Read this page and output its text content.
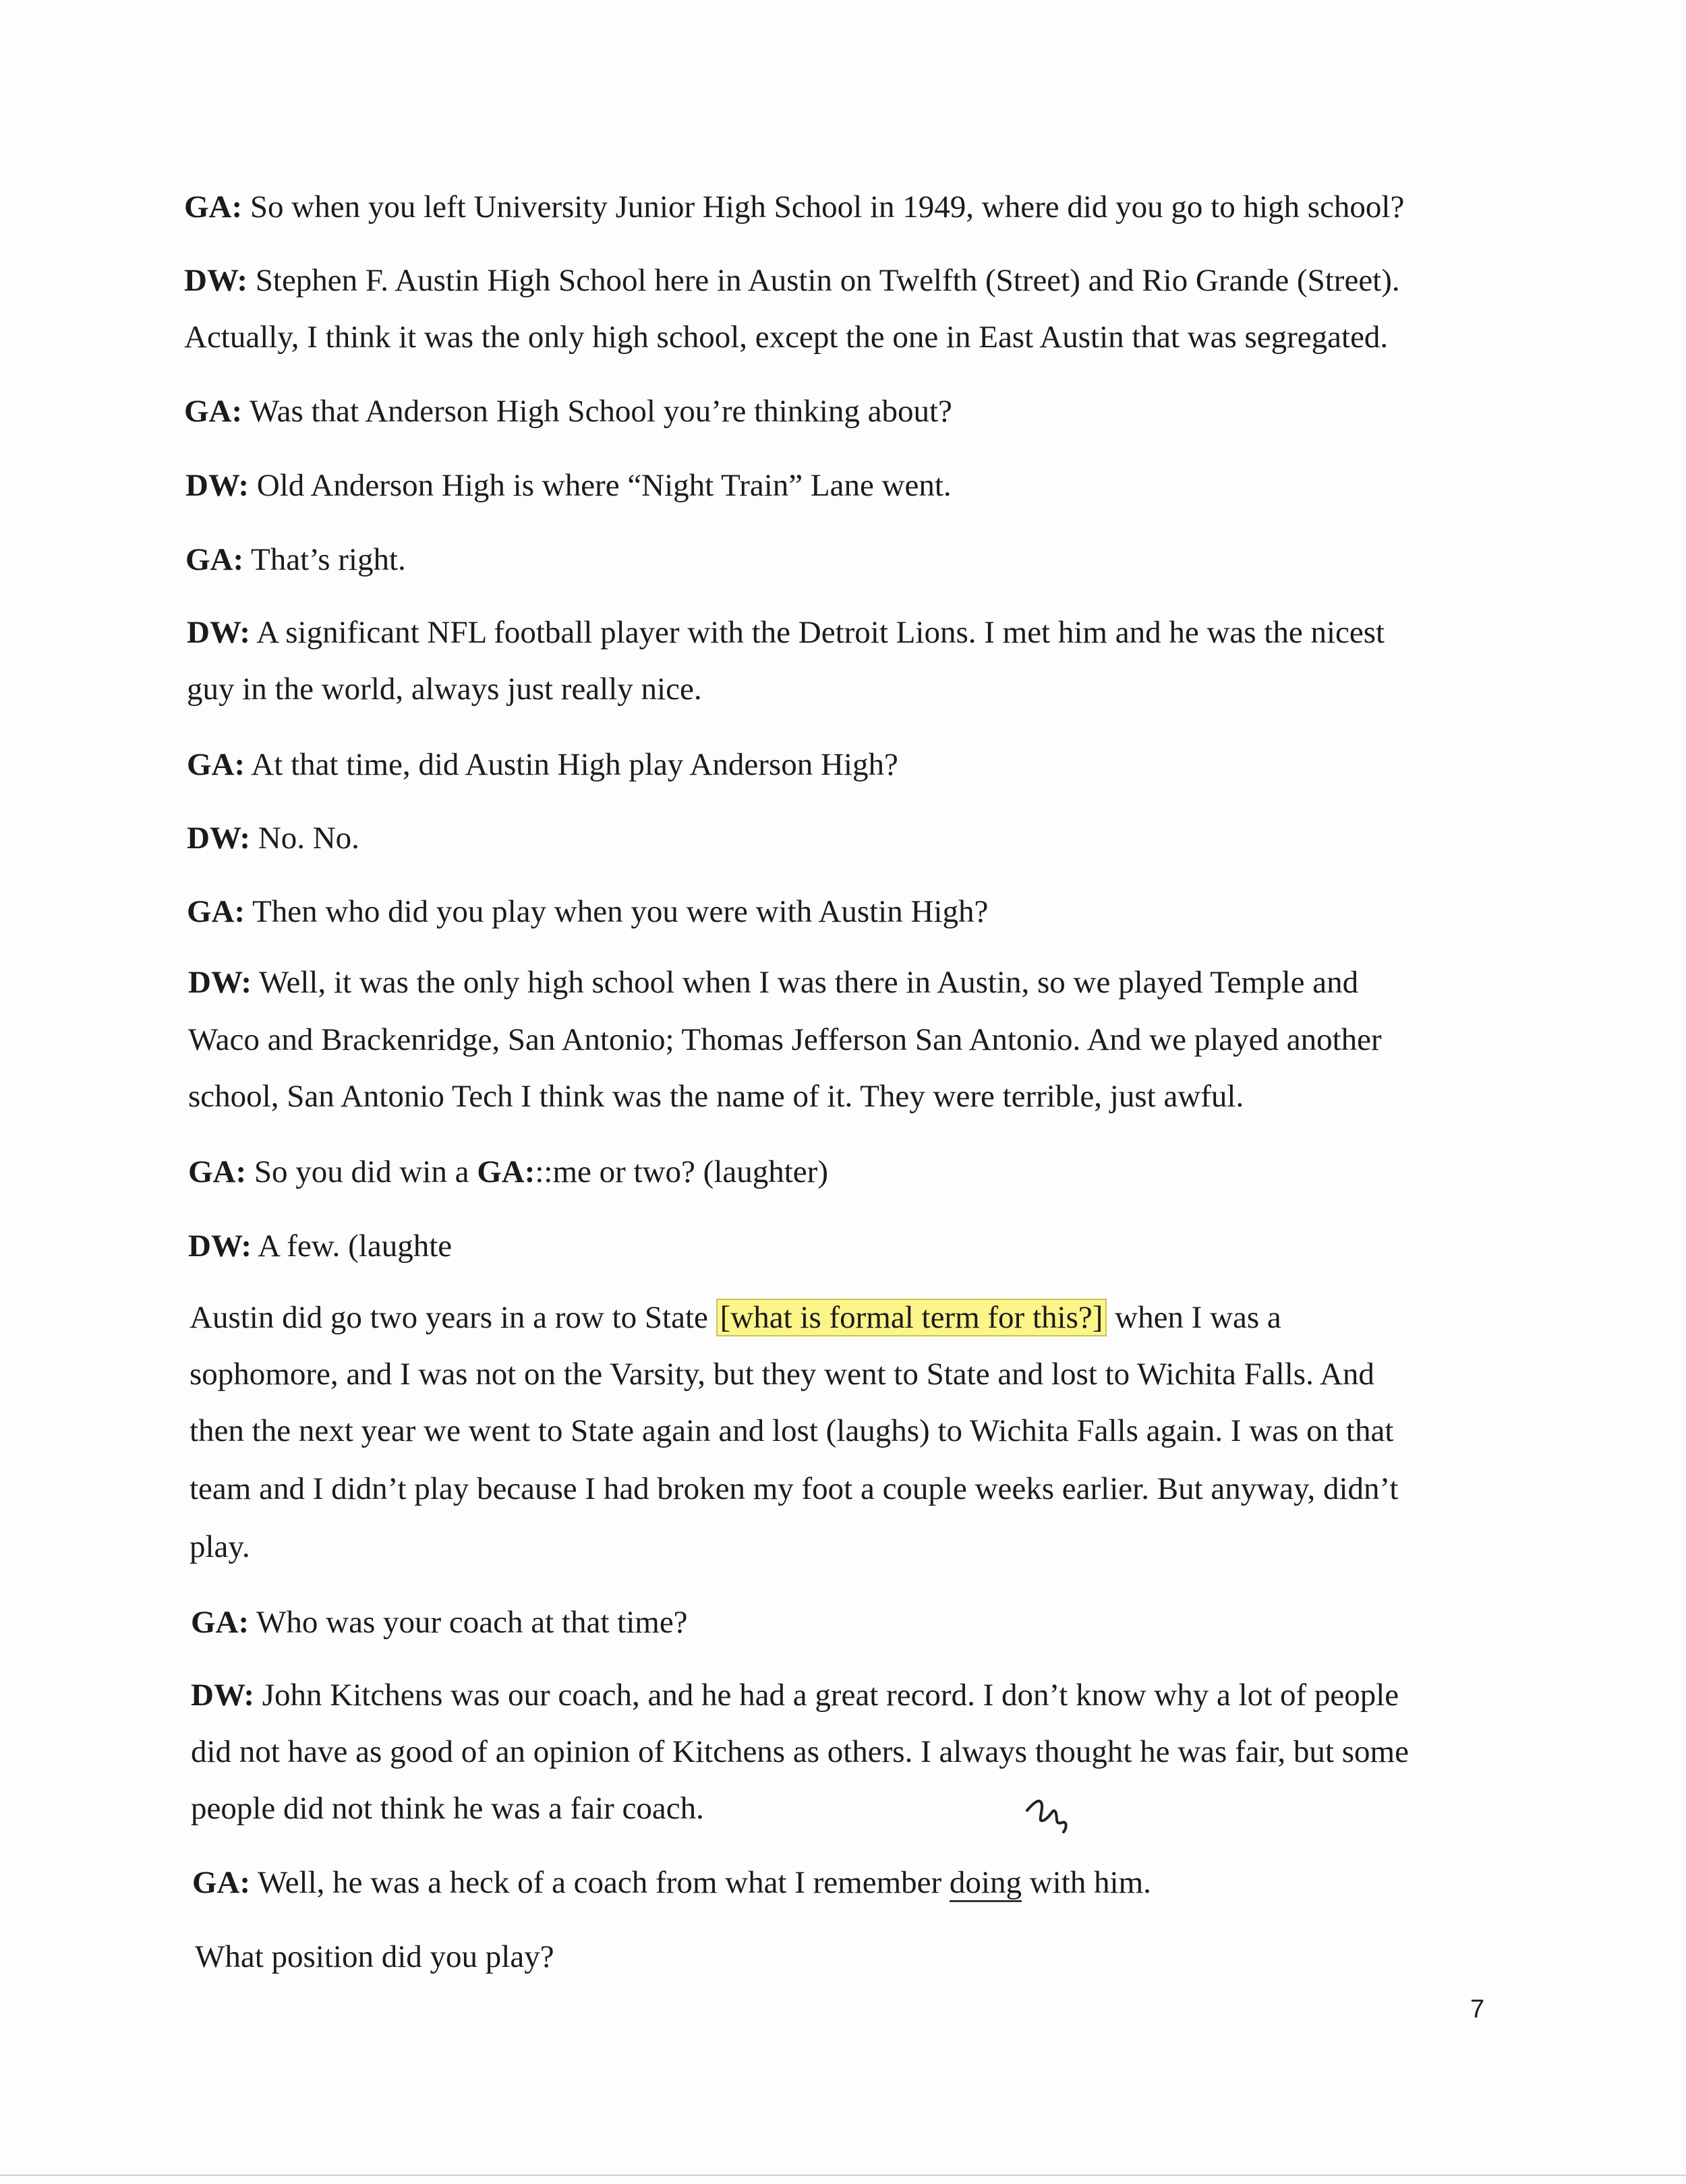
GA: So when you left University Junior High School in 1949, where did you go to high school?
DW: Stephen F. Austin High School here in Austin on Twelfth (Street) and Rio Grande (Street).
Actually, I think it was the only high school, except the one in East Austin that was segregated.
GA: Was that Anderson High School you’re thinking about?
DW: Old Anderson High is where “Night Train” Lane went.
GA: That’s right.
DW: A significant NFL football player with the Detroit Lions. I met him and he was the nicest
guy in the world, always just really nice.
GA: At that time, did Austin High play Anderson High?
DW: No. No.
GA: Then who did you play when you were with Austin High?
DW: Well, it was the only high school when I was there in Austin, so we played Temple and
Waco and Brackenridge, San Antonio; Thomas Jefferson San Antonio. And we played another
school, San Antonio Tech I think was the name of it. They were terrible, just awful.
GA: So you did win a GA:::me or two? (laughter)
DW: A few. (laughte
Austin did go two years in a row to State [what is formal term for this?] when I was a
sophomore, and I was not on the Varsity, but they went to State and lost to Wichita Falls. And
then the next year we went to State again and lost (laughs) to Wichita Falls again. I was on that
team and I didn’t play because I had broken my foot a couple weeks earlier. But anyway, didn’t
play.
GA: Who was your coach at that time?
DW: John Kitchens was our coach, and he had a great record. I don’t know why a lot of people
did not have as good of an opinion of Kitchens as others. I always thought he was fair, but some
people did not think he was a fair coach.
GA: Well, he was a heck of a coach from what I remember doing with him.
What position did you play?
7
